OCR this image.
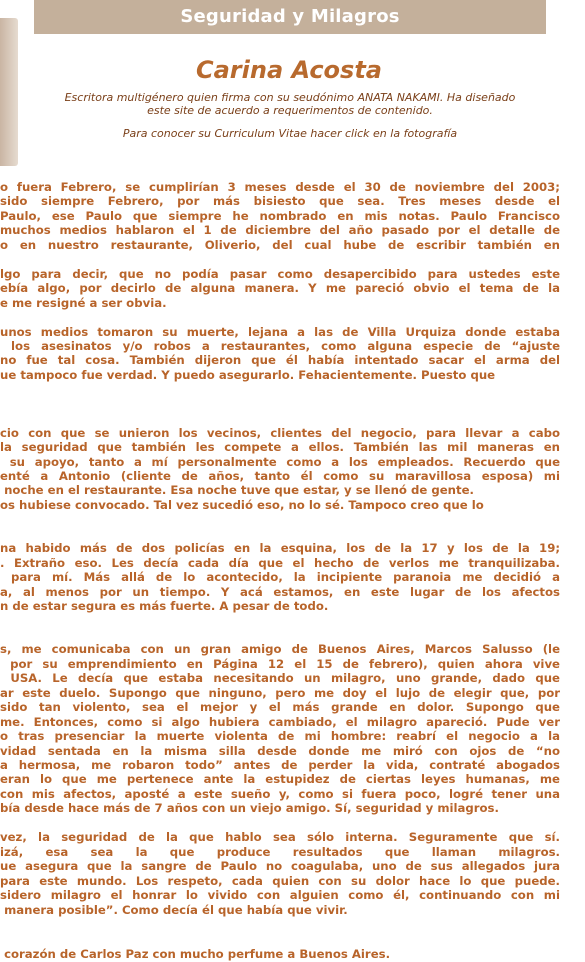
Seguridad y Milagros
Carina Acosta
Escritora multigénero quien firma con su seudónimo ANATA NAKAMI. Ha diseñado
este site de acuerdo a requerimentos de contenido.
Para conocer su Curriculum Vitae hacer click en la fotografía
o fuera Febrero, se cumplirían 3 meses desde el 30 de noviembre del 2003;
sido siempre Febrero, por más bisiesto que sea. Tres meses desde el
Paulo, ese Paulo que siempre he nombrado en mis notas. Paulo Francisco
muchos medios hablaron el 1 de diciembre del año pasado por el detalle de
o en nuestro restaurante, Oliverio, del cual hube de escribir también en
lgo para decir, que no podía pasar como desapercibido para ustedes este
ebía algo, por decirlo de alguna manera. Y me pareció obvio el tema de la
e me resigné a ser obvia.
unos medios tomaron su muerte, lejana a las de Villa Urquiza donde estaba
los asesinatos y/o robos a restaurantes, como alguna especie de “ajuste
no fue tal cosa. También dijeron que él había intentado sacar el arma del
ue tampoco fue verdad. Y puedo asegurarlo. Fehacientemente. Puesto que
cio con que se unieron los vecinos, clientes del negocio, para llevar a cabo
la seguridad que también les compete a ellos. También las mil maneras en
su apoyo, tanto a mí personalmente como a los empleados. Recuerdo que
enté a Antonio (cliente de años, tanto él como su maravillosa esposa) mi
noche en el restaurante. Esa noche tuve que estar, y se llenó de gente.
os hubiese convocado. Tal vez sucedió eso, no lo sé. Tampoco creo que lo
na habido más de dos policías en la esquina, los de la 17 y los de la 19;
. Extraño eso. Les decía cada día que el hecho de verlos me tranquilizaba.
para mí. Más allá de lo acontecido, la incipiente paranoia me decidió a
a, al menos por un tiempo. Y acá estamos, en este lugar de los afectos
n de estar segura es más fuerte. A pesar de todo.
s, me comunicaba con un gran amigo de Buenos Aires, Marcos Salusso (le
por su emprendimiento en Página 12 el 15 de febrero), quien ahora vive
USA. Le decía que estaba necesitando un milagro, uno grande, dado que
ar este duelo. Supongo que ninguno, pero me doy el lujo de elegir que, por
sido tan violento, sea el mejor y el más grande en dolor. Supongo que
me. Entonces, como si algo hubiera cambiado, el milagro apareció. Pude ver
o tras presenciar la muerte violenta de mi hombre: reabrí el negocio a la
vidad sentada en la misma silla desde donde me miró con ojos de “no
a hermosa, me robaron todo” antes de perder la vida, contraté abogados
eran lo que me pertenece ante la estupidez de ciertas leyes humanas, me
con mis afectos, aposté a este sueño y, como si fuera poco, logré tener una
bía desde hace más de 7 años con un viejo amigo. Sí, seguridad y milagros.
vez, la seguridad de la que hablo sea sólo interna. Seguramente que sí.
izá, esa sea la que produce resultados que llaman milagros.
ue asegura que la sangre de Paulo no coagulaba, uno de sus allegados jura
para este mundo. Los respeto, cada quien con su dolor hace lo que puede.
sidero milagro el honrar lo vivido con alguien como él, continuando con mi
manera posible”. Como decía él que había que vivir.
corazón de Carlos Paz con mucho perfume a Buenos Aires.
